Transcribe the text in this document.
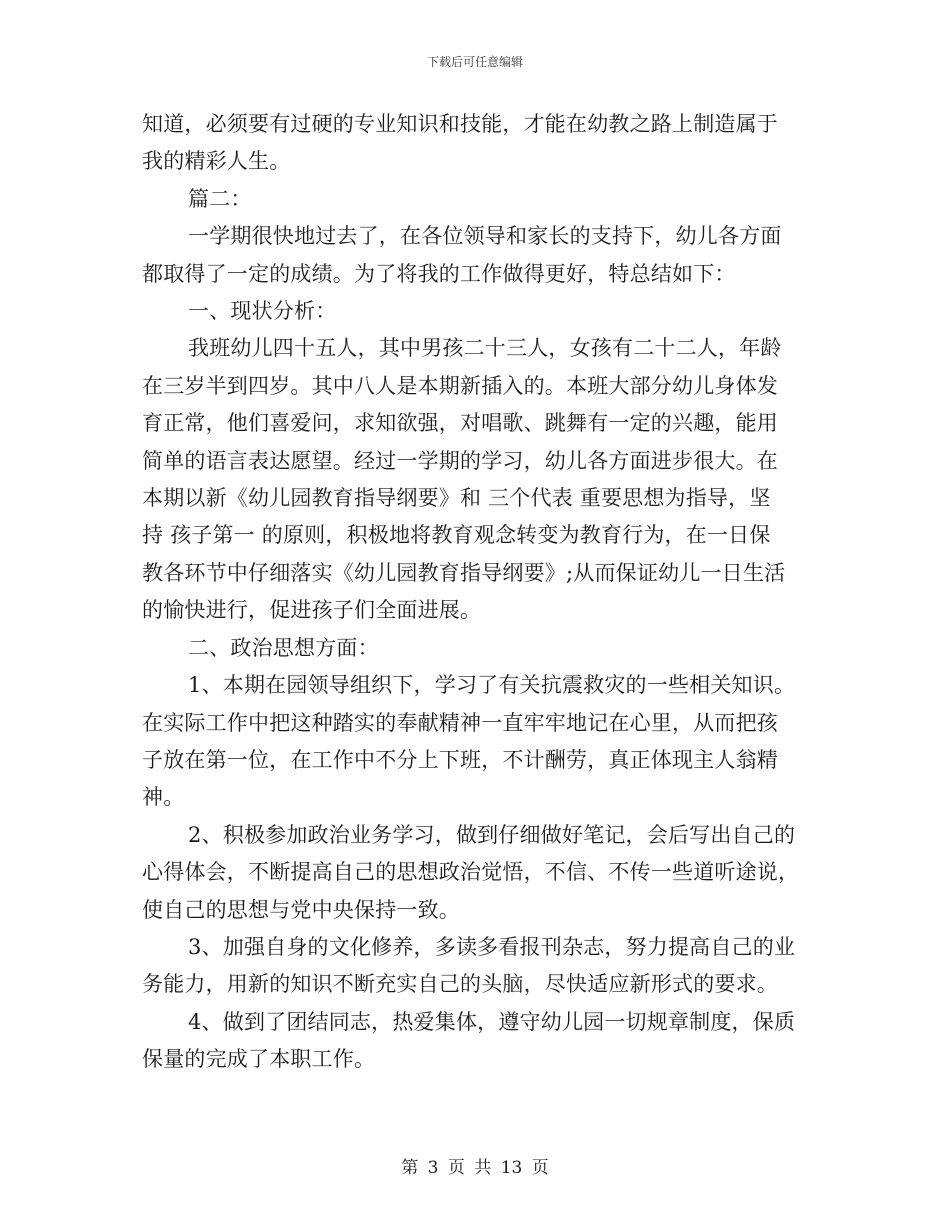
下载后可任意编辑
知道，必须要有过硬的专业知识和技能，才能在幼教之路上制造属于
我的精彩人生。
篇二：
一学期很快地过去了，在各位领导和家长的支持下，幼儿各方面
都取得了一定的成绩。为了将我的工作做得更好，特总结如下：
一、现状分析：
我班幼儿四十五人，其中男孩二十三人，女孩有二十二人，年龄
在三岁半到四岁。其中八人是本期新插入的。本班大部分幼儿身体发
育正常，他们喜爱问，求知欲强，对唱歌、跳舞有一定的兴趣，能用
简单的语言表达愿望。经过一学期的学习，幼儿各方面进步很大。在
本期以新《幼儿园教育指导纲要》和 三个代表 重要思想为指导，坚
持 孩子第一 的原则，积极地将教育观念转变为教育行为，在一日保
教各环节中仔细落实《幼儿园教育指导纲要》;从而保证幼儿一日生活
的愉快进行，促进孩子们全面进展。
二、政治思想方面：
1、本期在园领导组织下，学习了有关抗震救灾的一些相关知识。
在实际工作中把这种踏实的奉献精神一直牢牢地记在心里，从而把孩
子放在第一位，在工作中不分上下班，不计酬劳，真正体现主人翁精
神。
2、积极参加政治业务学习，做到仔细做好笔记，会后写出自己的
心得体会，不断提高自己的思想政治觉悟，不信、不传一些道听途说，
使自己的思想与党中央保持一致。
3、加强自身的文化修养，多读多看报刊杂志，努力提高自己的业
务能力，用新的知识不断充实自己的头脑，尽快适应新形式的要求。
4、做到了团结同志，热爱集体，遵守幼儿园一切规章制度，保质
保量的完成了本职工作。
第 3 页 共 13 页
